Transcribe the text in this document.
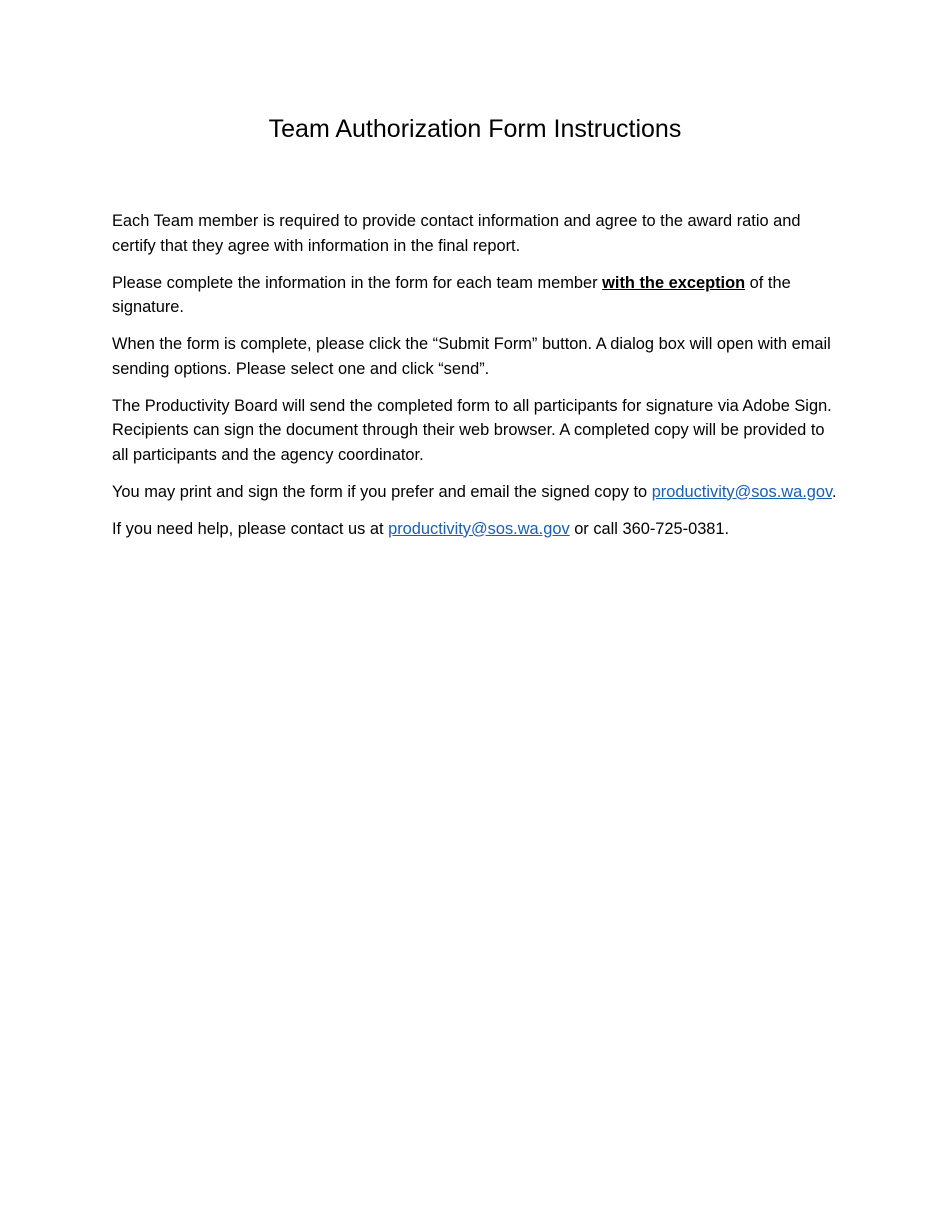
Team Authorization Form Instructions

Each Team member is required to provide contact information and agree to the award ratio and certify that they agree with information in the final report.

Please complete the information in the form for each team member with the exception of the signature.

When the form is complete, please click the “Submit Form” button. A dialog box will open with email sending options. Please select one and click “send”.

The Productivity Board will send the completed form to all participants for signature via Adobe Sign. Recipients can sign the document through their web browser. A completed copy will be provided to all participants and the agency coordinator.

You may print and sign the form if you prefer and email the signed copy to productivity@sos.wa.gov.

If you need help, please contact us at productivity@sos.wa.gov or call 360-725-0381.
